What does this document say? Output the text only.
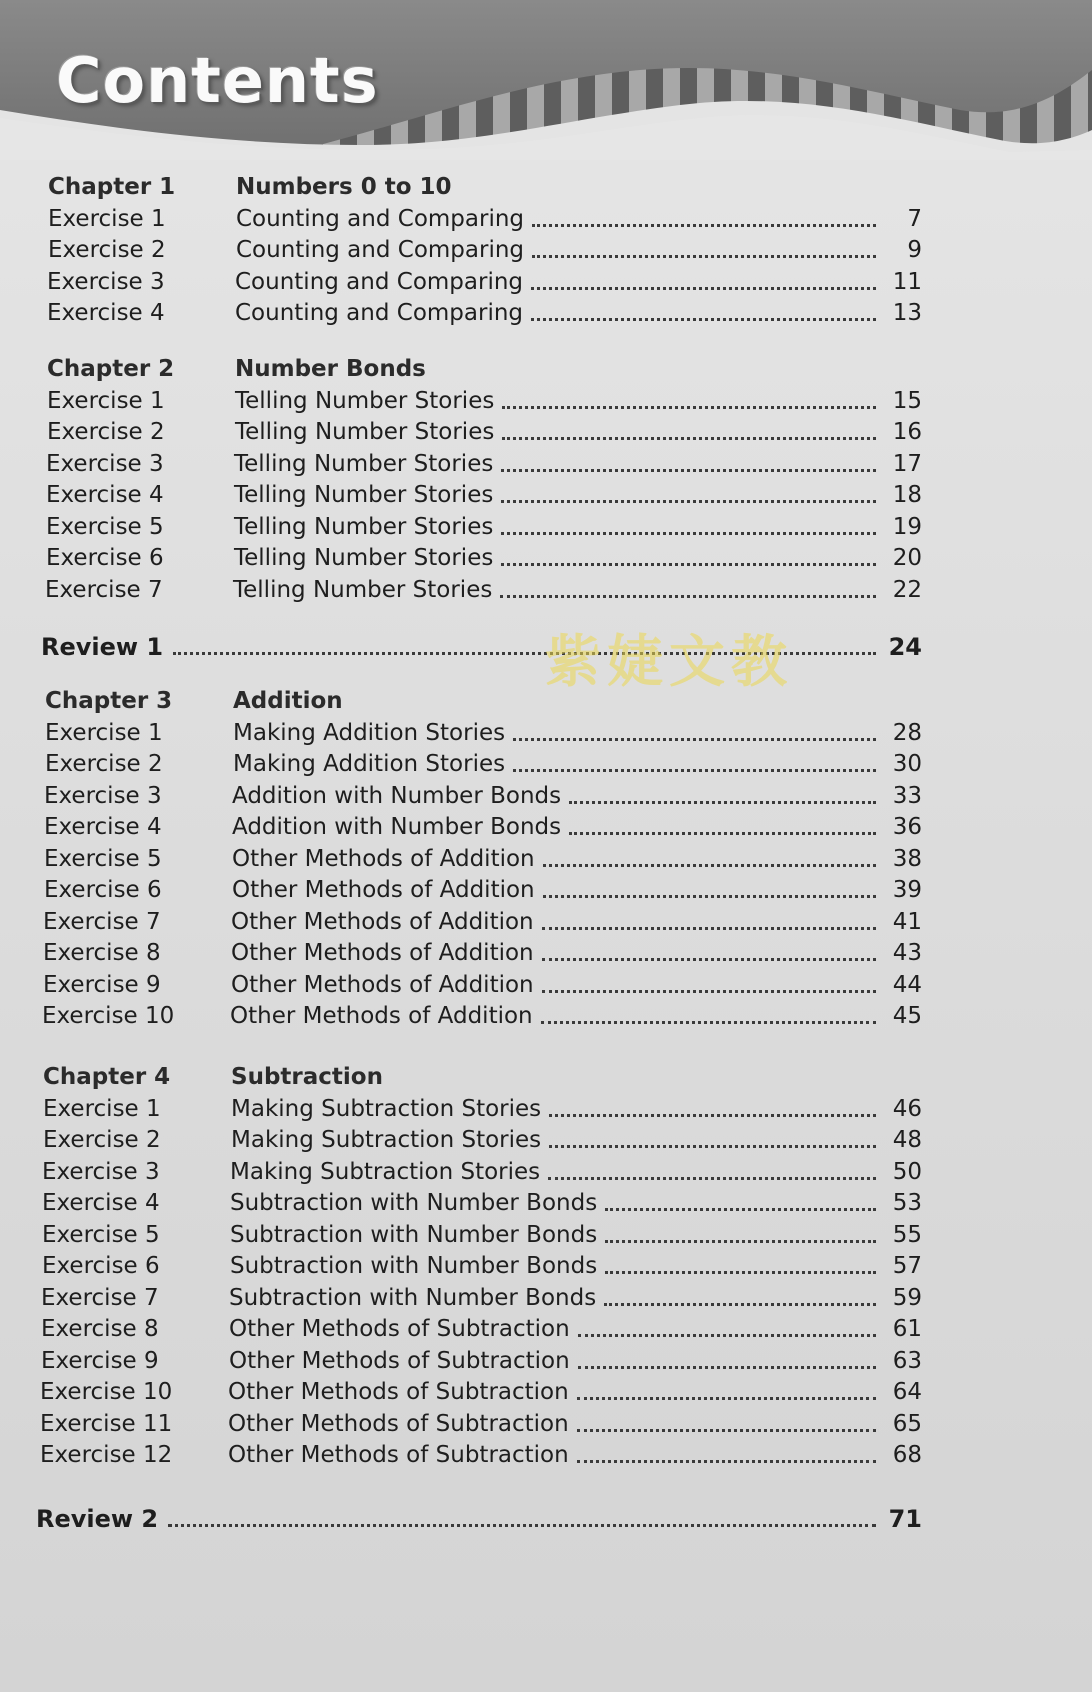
Contents
Chapter 1	Numbers 0 to 10
Exercise 1	Counting and Comparing	7
Exercise 2	Counting and Comparing	9
Exercise 3	Counting and Comparing	11
Exercise 4	Counting and Comparing	13
Chapter 2	Number Bonds
Exercise 1	Telling Number Stories	15
Exercise 2	Telling Number Stories	16
Exercise 3	Telling Number Stories	17
Exercise 4	Telling Number Stories	18
Exercise 5	Telling Number Stories	19
Exercise 6	Telling Number Stories	20
Exercise 7	Telling Number Stories	22
Review 1	24
Chapter 3	Addition
Exercise 1	Making Addition Stories	28
Exercise 2	Making Addition Stories	30
Exercise 3	Addition with Number Bonds	33
Exercise 4	Addition with Number Bonds	36
Exercise 5	Other Methods of Addition	38
Exercise 6	Other Methods of Addition	39
Exercise 7	Other Methods of Addition	41
Exercise 8	Other Methods of Addition	43
Exercise 9	Other Methods of Addition	44
Exercise 10 Other Methods of Addition	45
Chapter 4	Subtraction
Exercise 1	Making Subtraction Stories	46
Exercise 2	Making Subtraction Stories	48
Exercise 3	Making Subtraction Stories	50
Exercise 4	Subtraction with Number Bonds	53
Exercise 5	Subtraction with Number Bonds	55
Exercise 6	Subtraction with Number Bonds	57
Exercise 7	Subtraction with Number Bonds	59
Exercise 8	Other Methods of Subtraction	61
Exercise 9	Other Methods of Subtraction	63
Exercise 10 Other Methods of Subtraction	64
Exercise 11 Other Methods of Subtraction	65
Exercise 12 Other Methods of Subtraction	68
Review 2	71
紫婕文教
